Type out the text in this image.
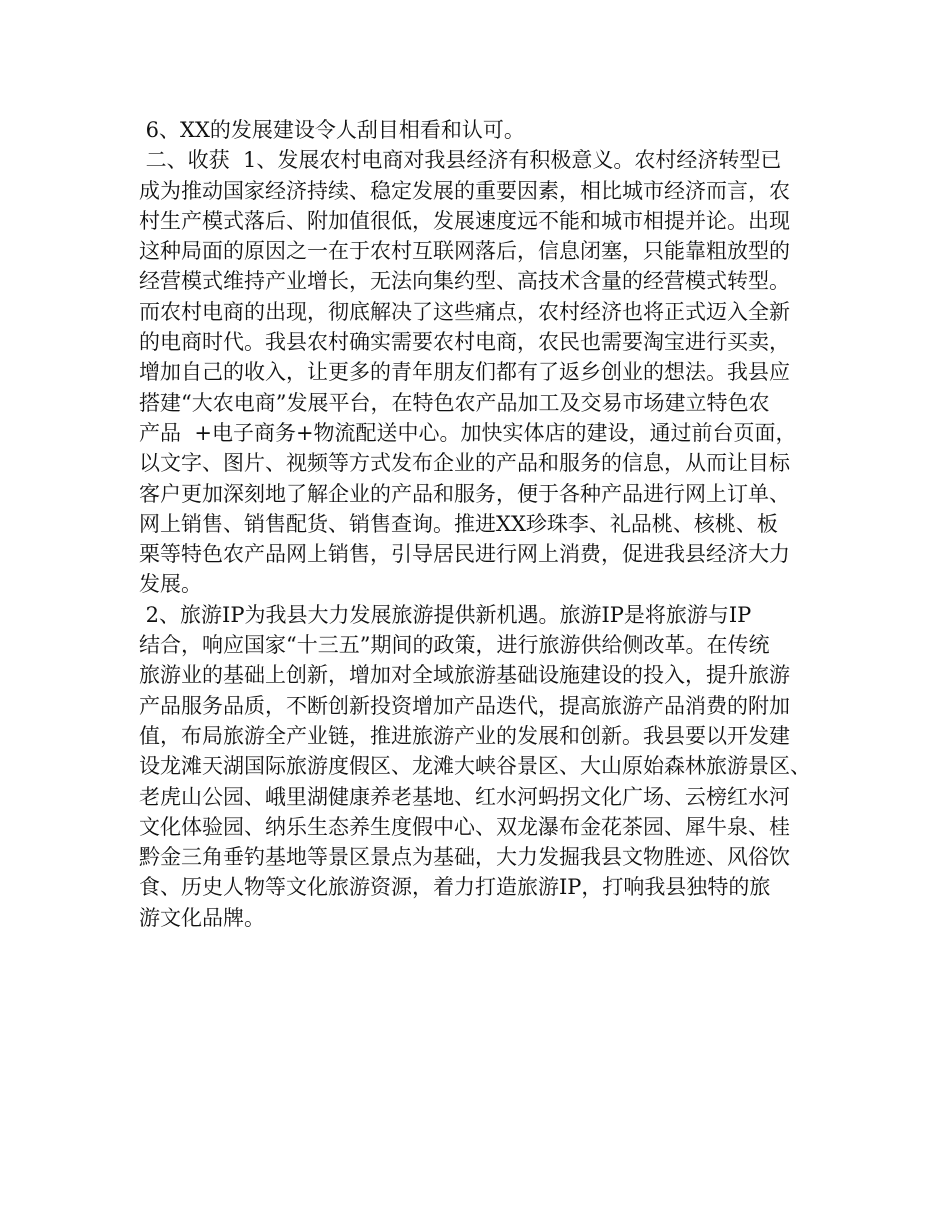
6、XX的发展建设令人刮目相看和认可。
二、收获  1、发展农村电商对我县经济有积极意义。农村经济转型已
成为推动国家经济持续、稳定发展的重要因素，相比城市经济而言，农
村生产模式落后、附加值很低，发展速度远不能和城市相提并论。出现
这种局面的原因之一在于农村互联网落后，信息闭塞，只能靠粗放型的
经营模式维持产业增长，无法向集约型、高技术含量的经营模式转型。
而农村电商的出现，彻底解决了这些痛点，农村经济也将正式迈入全新
的电商时代。我县农村确实需要农村电商，农民也需要淘宝进行买卖，
增加自己的收入，让更多的青年朋友们都有了返乡创业的想法。我县应
搭建“大农电商”发展平台，在特色农产品加工及交易市场建立特色农
产品  +电子商务+物流配送中心。加快实体店的建设，通过前台页面，
以文字、图片、视频等方式发布企业的产品和服务的信息，从而让目标
客户更加深刻地了解企业的产品和服务，便于各种产品进行网上订单、
网上销售、销售配货、销售查询。推进XX珍珠李、礼品桃、核桃、板
栗等特色农产品网上销售，引导居民进行网上消费，促进我县经济大力
发展。
2、旅游IP为我县大力发展旅游提供新机遇。旅游IP是将旅游与IP
结合，响应国家“十三五”期间的政策，进行旅游供给侧改革。在传统
旅游业的基础上创新，增加对全域旅游基础设施建设的投入，提升旅游
产品服务品质，不断创新投资增加产品迭代，提高旅游产品消费的附加
值，布局旅游全产业链，推进旅游产业的发展和创新。我县要以开发建
设龙滩天湖国际旅游度假区、龙滩大峡谷景区、大山原始森林旅游景区、
老虎山公园、峨里湖健康养老基地、红水河蚂拐文化广场、云榜红水河
文化体验园、纳乐生态养生度假中心、双龙瀑布金花茶园、犀牛泉、桂
黔金三角垂钓基地等景区景点为基础，大力发掘我县文物胜迹、风俗饮
食、历史人物等文化旅游资源，着力打造旅游IP，打响我县独特的旅
游文化品牌。
